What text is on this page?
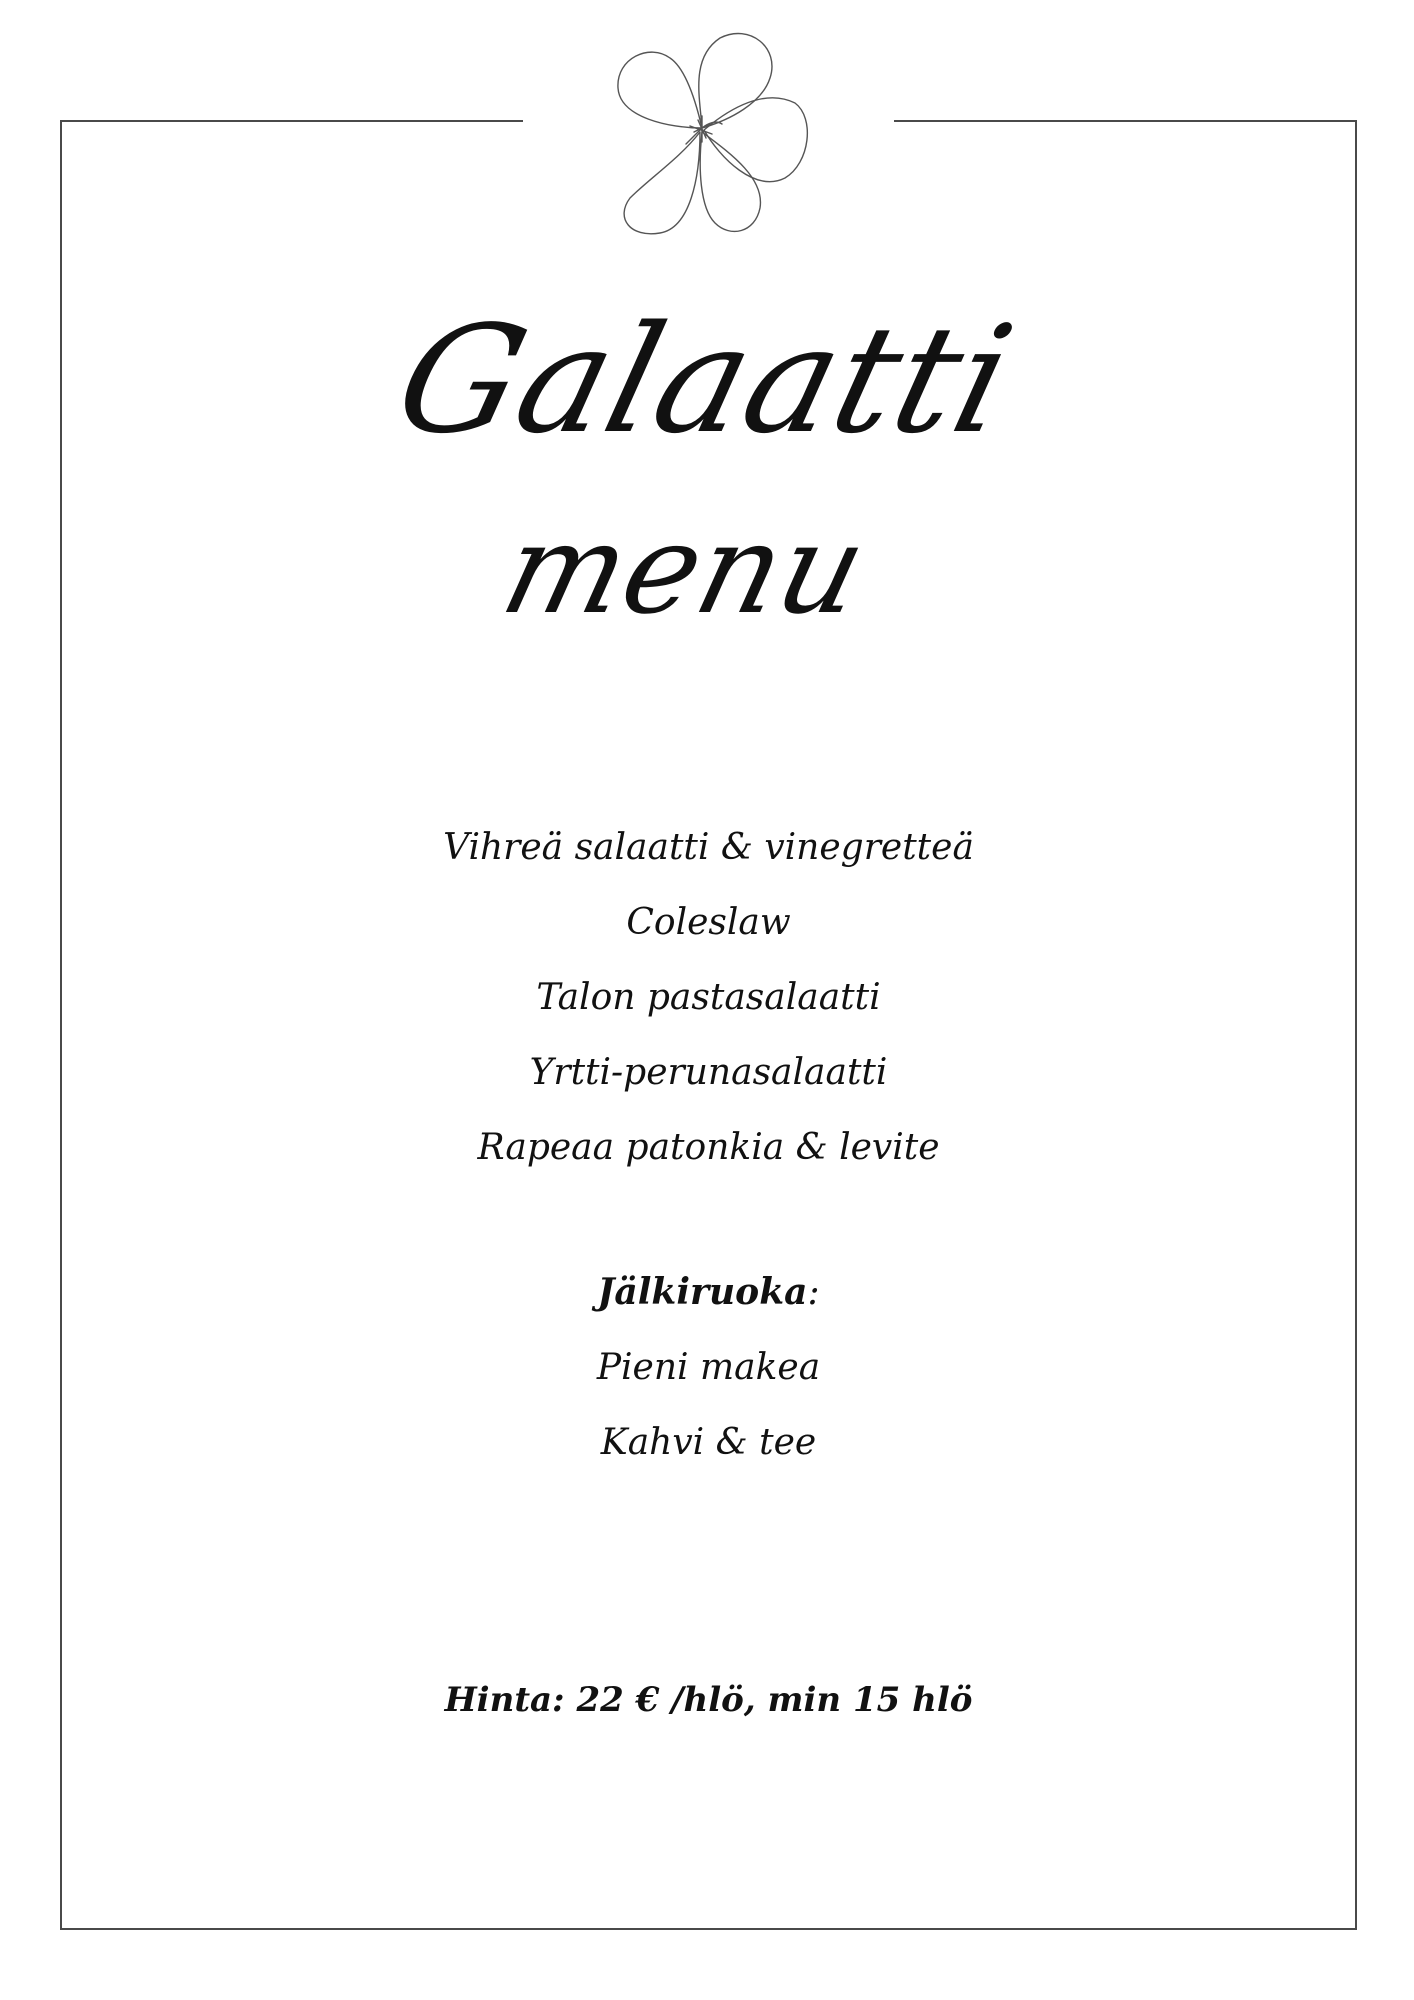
Galaatti
menu
Vihreä salaatti & vinegretteä
Coleslaw
Talon pastasalaatti
Yrtti-perunasalaatti
Rapeaa patonkia & levite
Jälkiruoka:
Pieni makea
Kahvi & tee
Hinta: 22 € /hlö, min 15 hlö
